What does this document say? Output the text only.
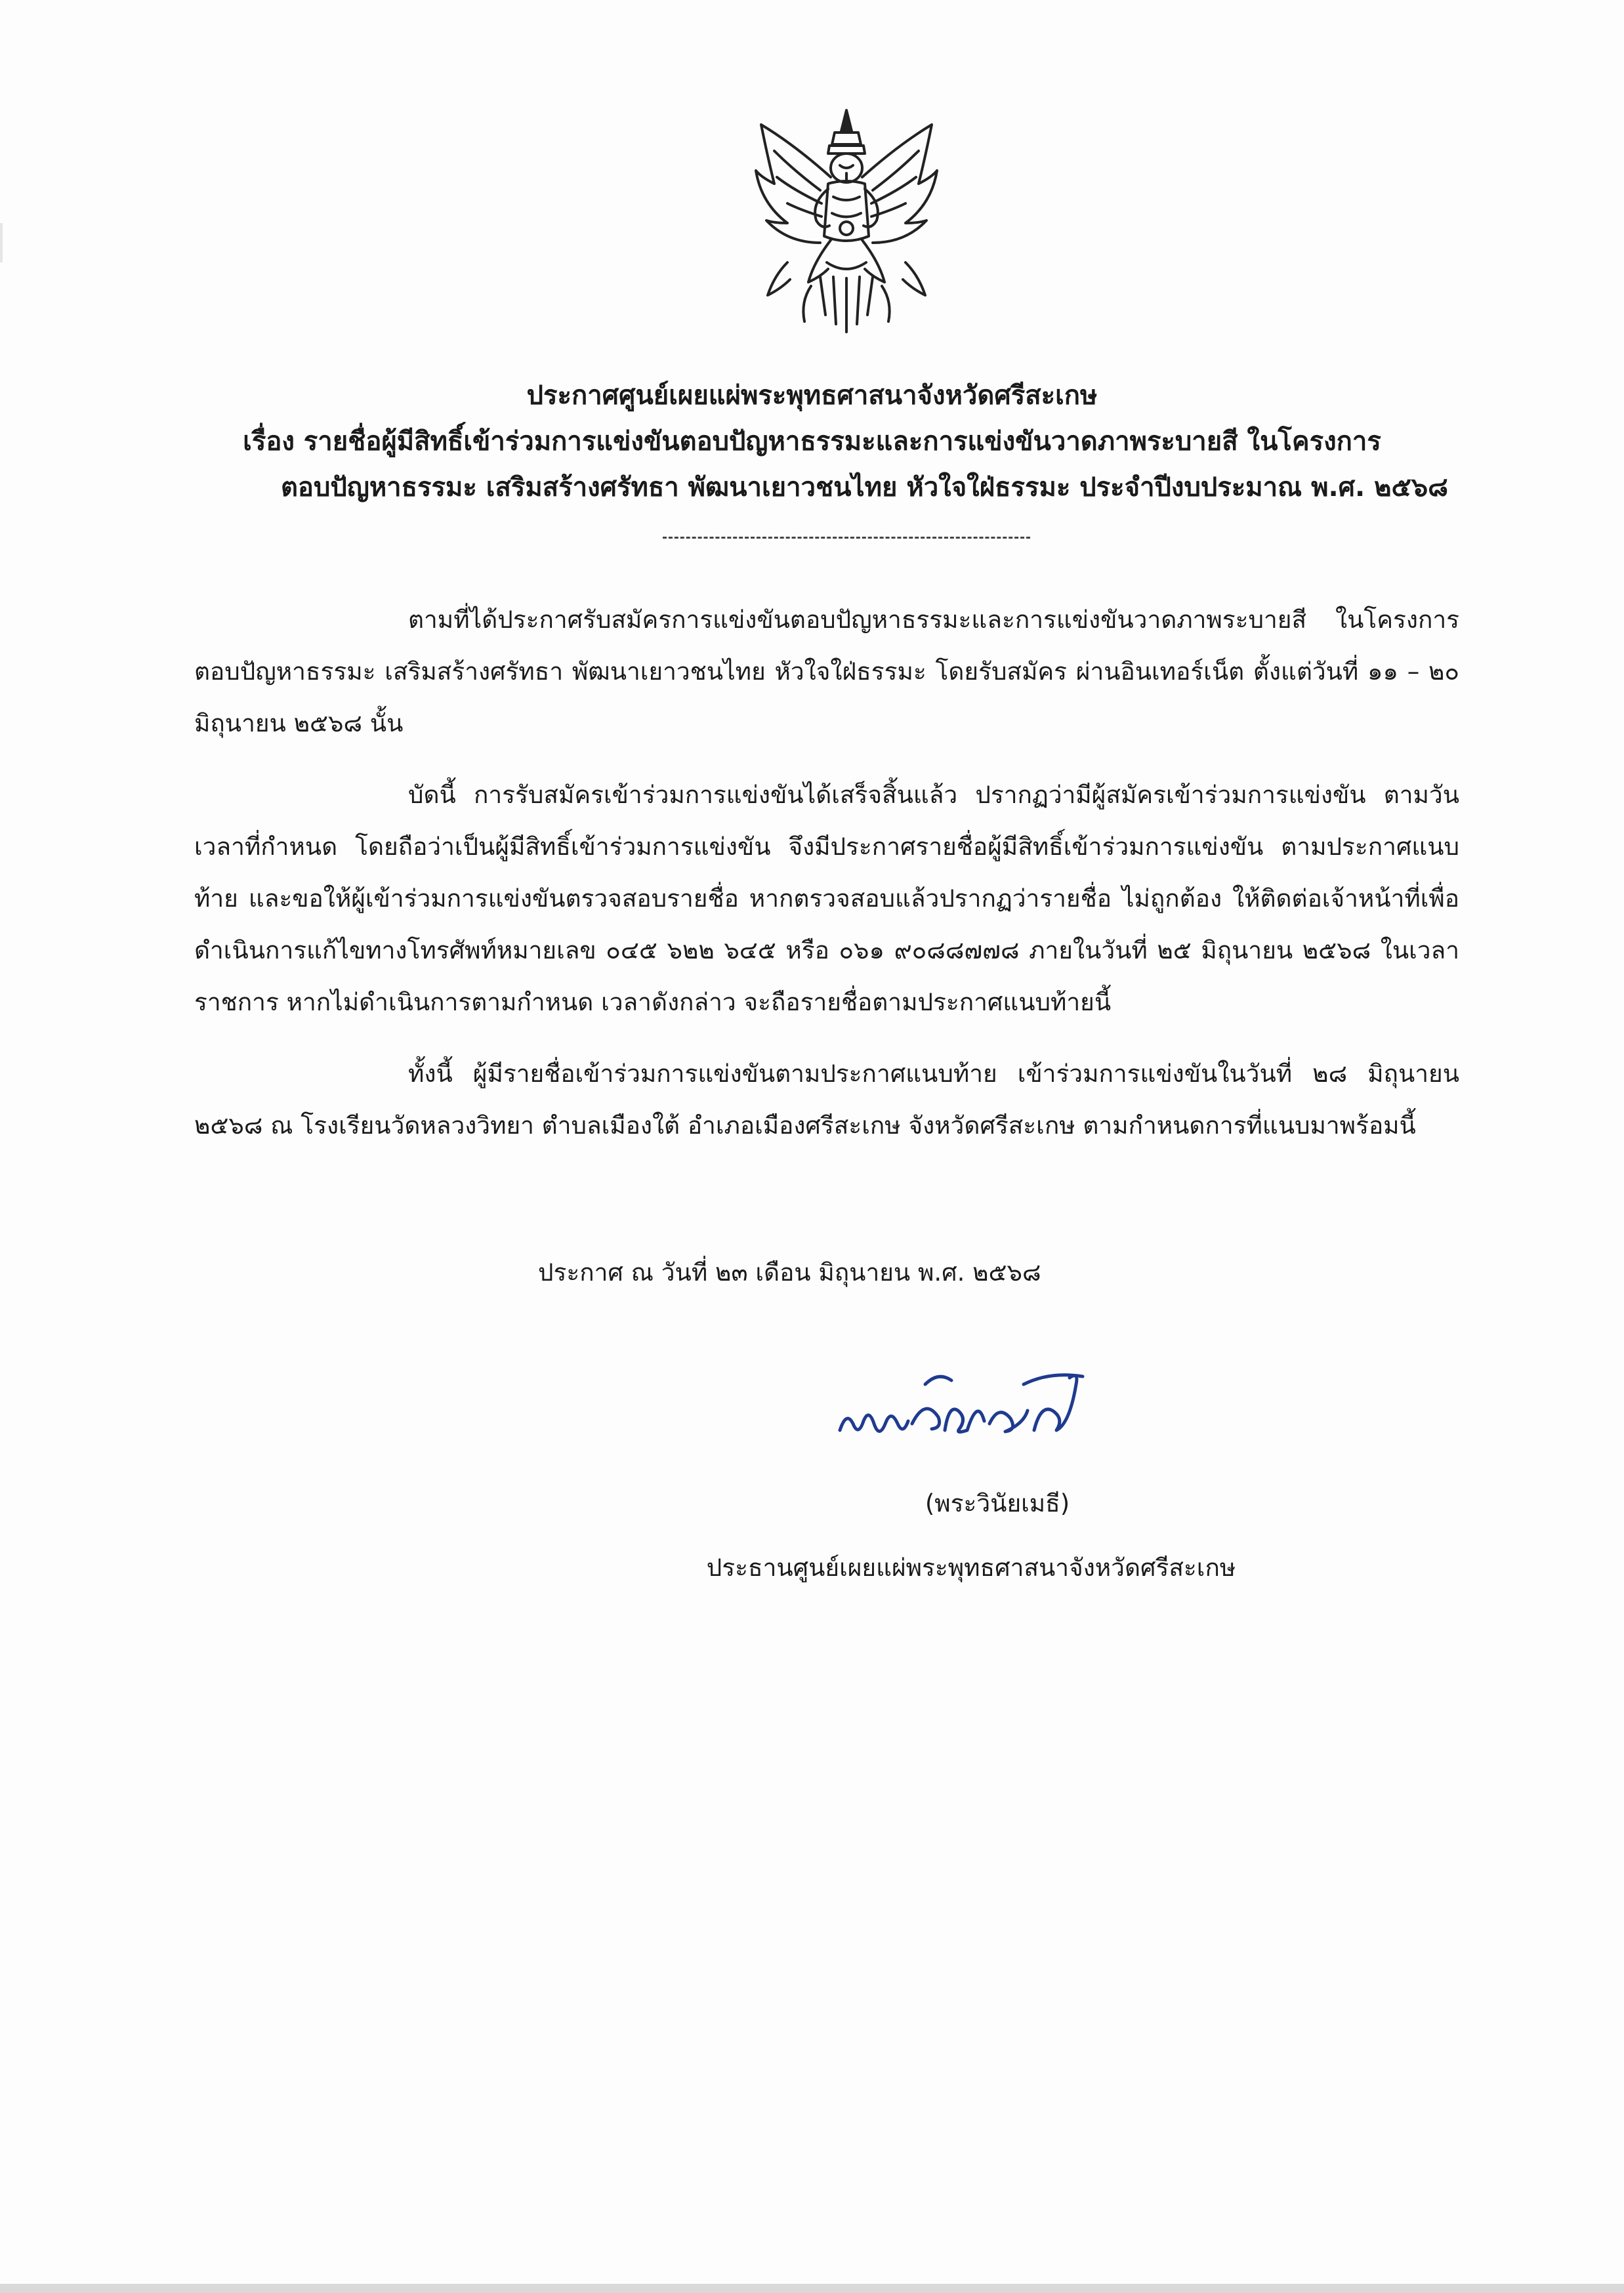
ประกาศศูนย์เผยแผ่พระพุทธศาสนาจังหวัดศรีสะเกษ
เรื่อง รายชื่อผู้มีสิทธิ์เข้าร่วมการแข่งขันตอบปัญหาธรรมะและการแข่งขันวาดภาพระบายสี ในโครงการ
ตอบปัญหาธรรมะ เสริมสร้างศรัทธา พัฒนาเยาวชนไทย หัวใจใฝ่ธรรมะ ประจำปีงบประมาณ พ.ศ. ๒๕๖๘

ตามที่ได้ประกาศรับสมัครการแข่งขันตอบปัญหาธรรมะและการแข่งขันวาดภาพระบายสี ในโครงการตอบปัญหาธรรมะ เสริมสร้างศรัทธา พัฒนาเยาวชนไทย หัวใจใฝ่ธรรมะ โดยรับสมัคร ผ่านอินเทอร์เน็ต ตั้งแต่วันที่ ๑๑ – ๒๐ มิถุนายน ๒๕๖๘ นั้น

บัดนี้ การรับสมัครเข้าร่วมการแข่งขันได้เสร็จสิ้นแล้ว ปรากฏว่ามีผู้สมัครเข้าร่วมการแข่งขัน ตามวัน เวลาที่กำหนด โดยถือว่าเป็นผู้มีสิทธิ์เข้าร่วมการแข่งขัน จึงมีประกาศรายชื่อผู้มีสิทธิ์เข้าร่วมการแข่งขัน ตามประกาศแนบท้าย และขอให้ผู้เข้าร่วมการแข่งขันตรวจสอบรายชื่อ หากตรวจสอบแล้วปรากฏว่ารายชื่อ ไม่ถูกต้อง ให้ติดต่อเจ้าหน้าที่เพื่อดำเนินการแก้ไขทางโทรศัพท์หมายเลข ๐๔๕ ๖๒๒ ๖๔๕ หรือ ๐๖๑ ๙๐๘๘๗๗๘ ภายในวันที่ ๒๕ มิถุนายน ๒๕๖๘ ในเวลาราชการ หากไม่ดำเนินการตามกำหนด เวลาดังกล่าว จะถือรายชื่อตามประกาศแนบท้ายนี้

ทั้งนี้ ผู้มีรายชื่อเข้าร่วมการแข่งขันตามประกาศแนบท้าย เข้าร่วมการแข่งขันในวันที่ ๒๘ มิถุนายน ๒๕๖๘ ณ โรงเรียนวัดหลวงวิทยา ตำบลเมืองใต้ อำเภอเมืองศรีสะเกษ จังหวัดศรีสะเกษ ตามกำหนดการที่แนบมาพร้อมนี้

ประกาศ ณ วันที่ ๒๓ เดือน มิถุนายน พ.ศ. ๒๕๖๘
(พระวินัยเมธี)
ประธานศูนย์เผยแผ่พระพุทธศาสนาจังหวัดศรีสะเกษ
